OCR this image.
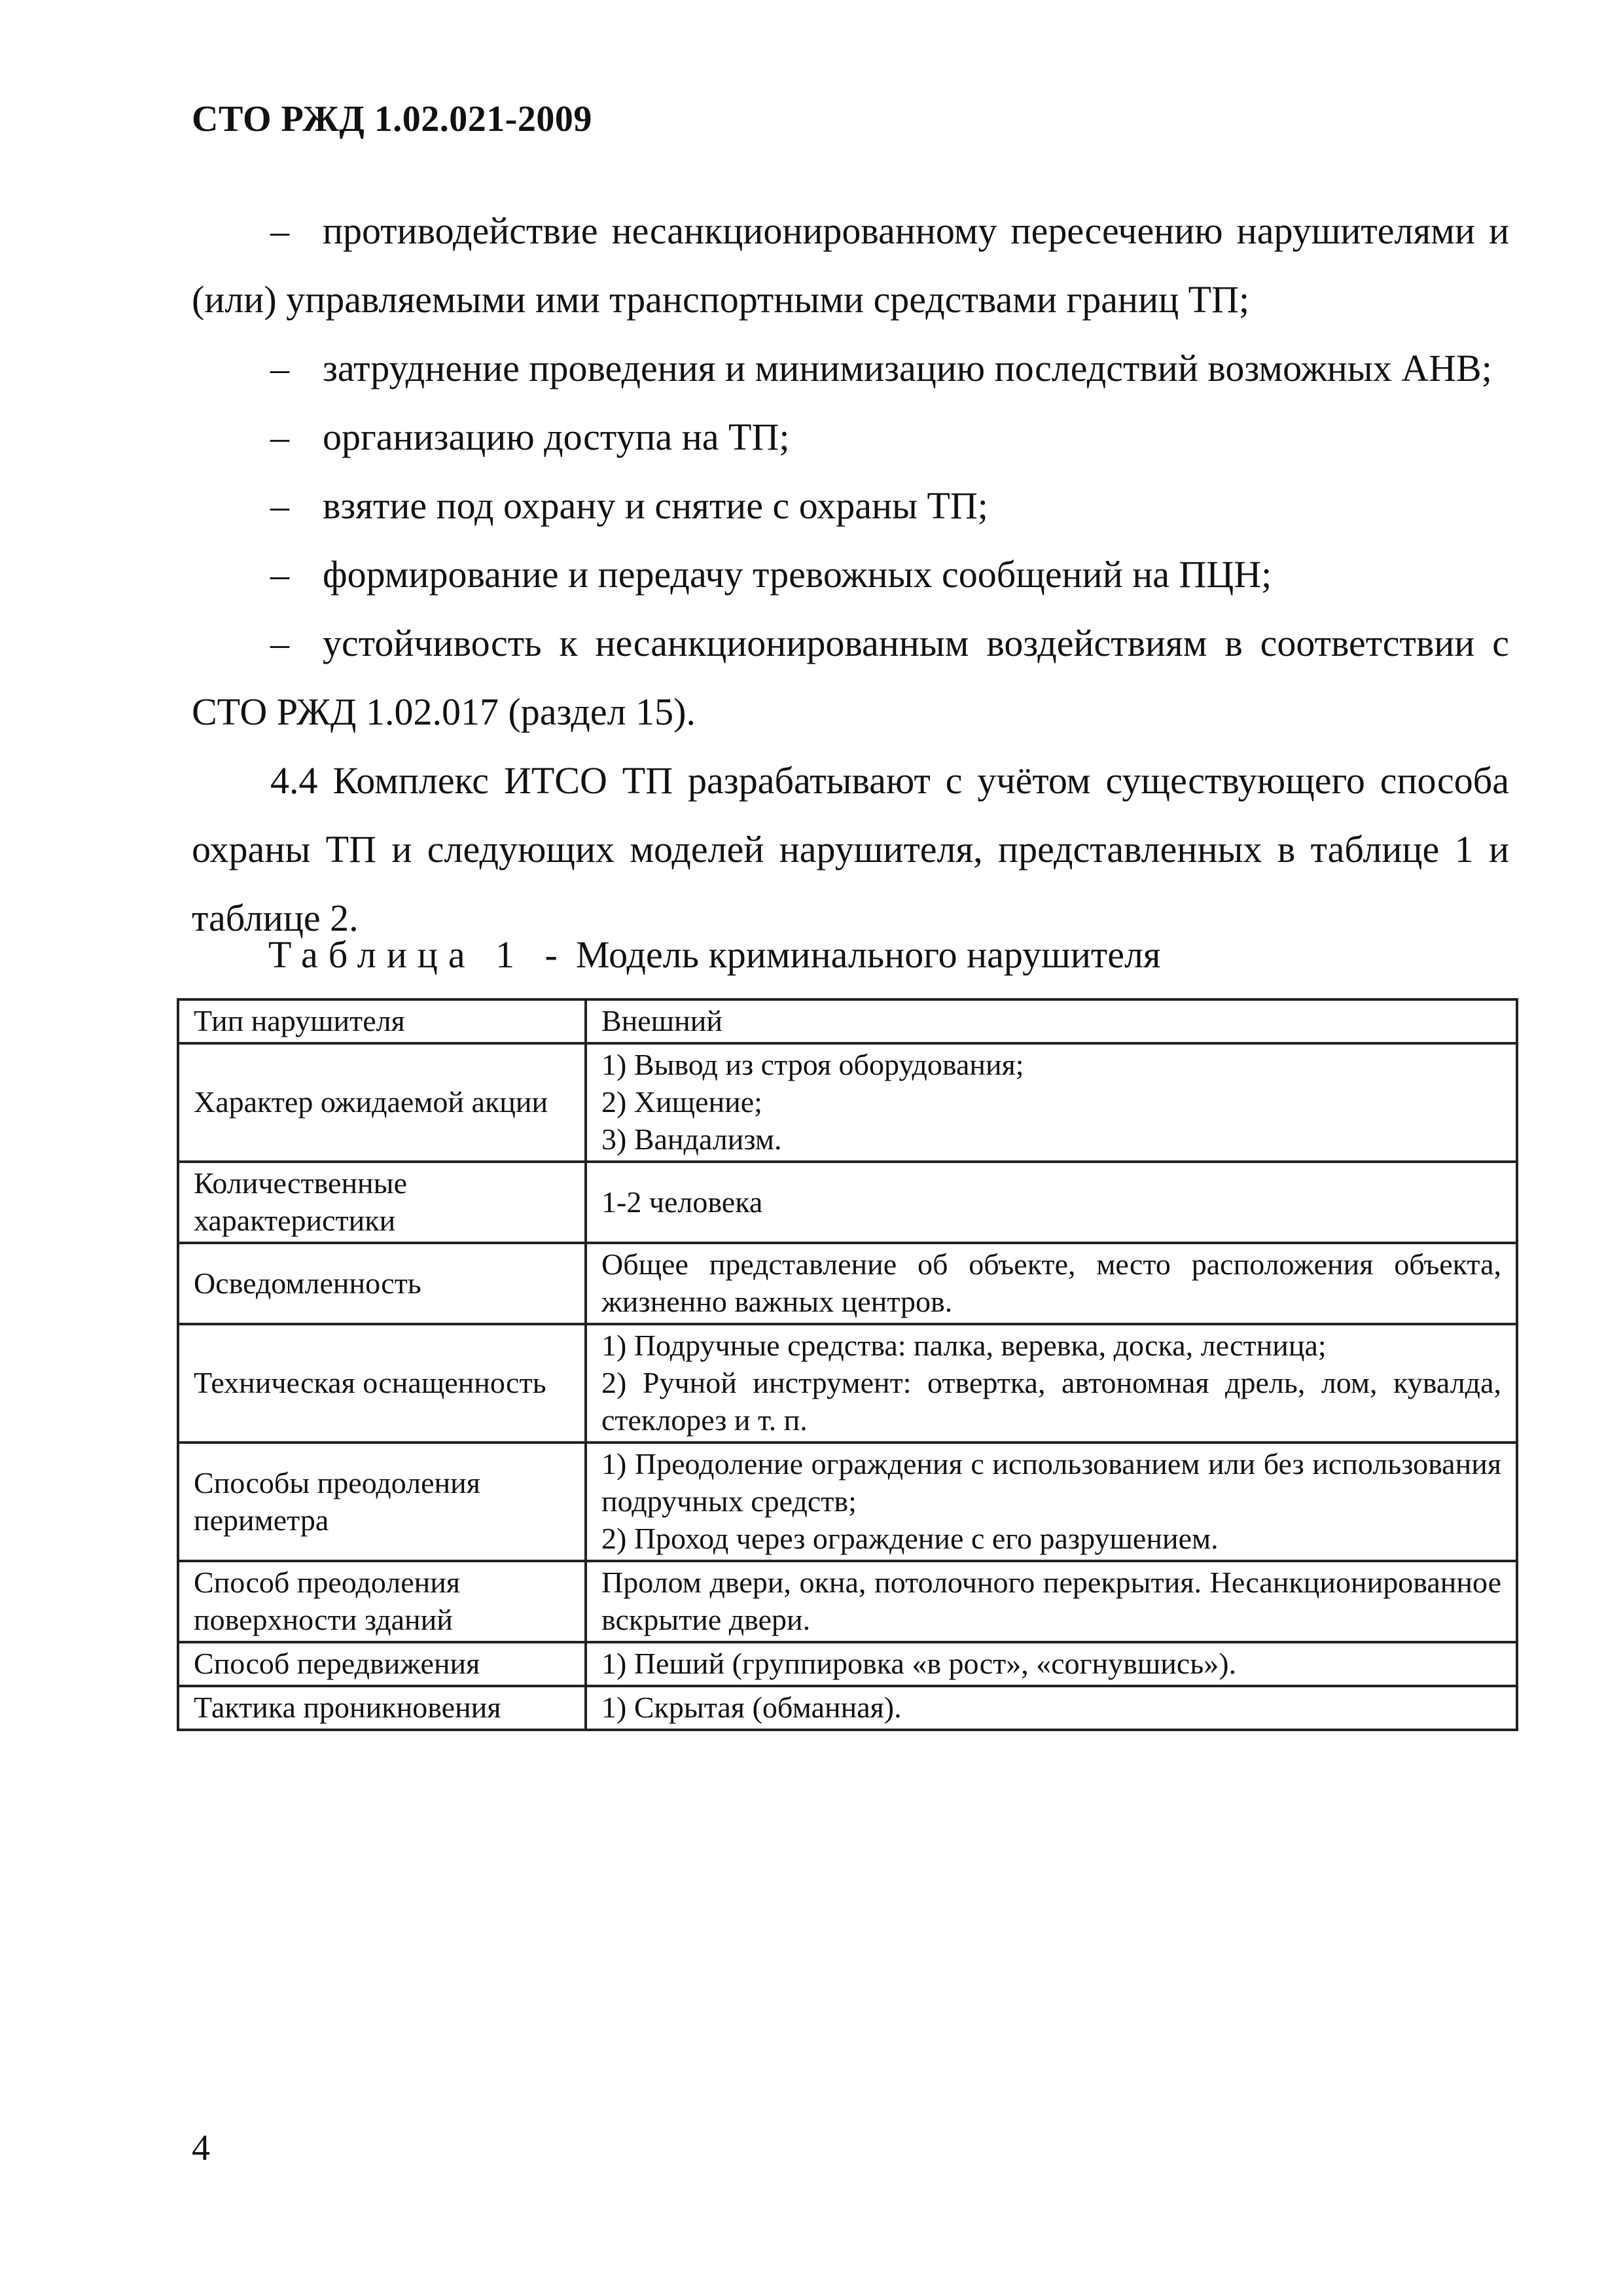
СТО РЖД 1.02.021-2009

– противодействие несанкционированному пересечению нарушителями и (или) управляемыми ими транспортными средствами границ ТП;

– затруднение проведения и минимизацию последствий возможных АНВ;

– организацию доступа на ТП;

– взятие под охрану и снятие с охраны ТП;

– формирование и передачу тревожных сообщений на ПЦН;

– устойчивость к несанкционированным воздействиям в соответствии с СТО РЖД 1.02.017 (раздел 15).

4.4 Комплекс ИТСО ТП разрабатывают с учётом существующего способа охраны ТП и следующих моделей нарушителя, представленных в таблице 1 и таблице 2.

Таблица 1 - Модель криминального нарушителя
Тип нарушителя	Внешний

Характер ожидаемой акции	1) Вывод из строя оборудования;
2) Хищение;
3) Вандализм.

Количественные характеристики	1-2 человека

Осведомленность	Общее представление об объекте, место расположения объекта, жизненно важных центров.

Техническая оснащенность	1) Подручные средства: палка, веревка, доска, лестница;
2) Ручной инструмент: отвертка, автономная дрель, лом, кувалда, стеклорез и т. п.

Способы преодоления периметра	1) Преодоление ограждения с использованием или без использования подручных средств;
2) Проход через ограждение с его разрушением.

Способ преодоления поверхности зданий	Пролом двери, окна, потолочного перекрытия. Несанкционированное вскрытие двери.

Способ передвижения	1) Пеший (группировка «в рост», «согнувшись»).

Тактика проникновения	1) Скрытая (обманная).
4
